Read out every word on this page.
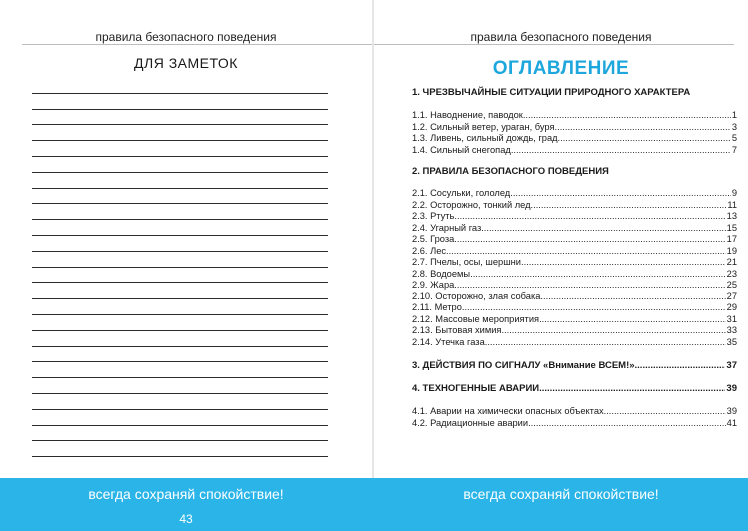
правила безопасного поведения
ДЛЯ ЗАМЕТОК
правила безопасного поведения
ОГЛАВЛЕНИЕ
1. ЧРЕЗВЫЧАЙНЫЕ СИТУАЦИИ ПРИРОДНОГО ХАРАКТЕРА
1.1. Наводнение, паводок .....	1
1.2. Сильный ветер, ураган, буря .....	3
1.3. Ливень, сильный дождь, град .....	5
1.4. Сильный снегопад .....	7
2. ПРАВИЛА БЕЗОПАСНОГО ПОВЕДЕНИЯ
2.1. Сосульки, гололед .....	9
2.2. Осторожно, тонкий лед .....	11
2.3. Ртуть .....	13
2.4. Угарный газ .....	15
2.5. Гроза .....	17
2.6. Лес .....	19
2.7. Пчелы, осы, шершни .....	21
2.8. Водоемы .....	23
2.9. Жара .....	25
2.10. Осторожно, злая собака .....	27
2.11. Метро .....	29
2.12. Массовые мероприятия .....	31
2.13. Бытовая химия .....	33
2.14. Утечка газа .....	35
3. ДЕЙСТВИЯ ПО СИГНАЛУ «Внимание ВСЕМ!» .....	37
4. ТЕХНОГЕННЫЕ АВАРИИ .....	39
4.1. Аварии на химически опасных объектах .....	39
4.2. Радиационные аварии .....	41
всегда сохраняй спокойствие!	всегда сохраняй спокойствие!
43
